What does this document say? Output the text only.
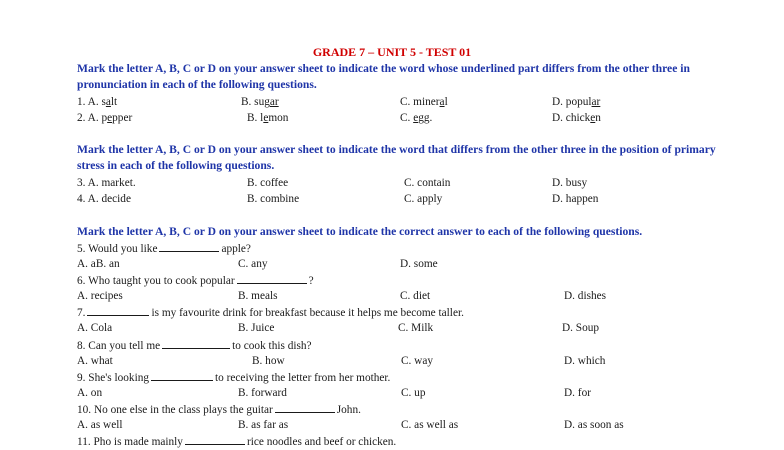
GRADE 7 – UNIT 5 - TEST 01
Mark the letter A, B, C or D on your answer sheet to indicate the word whose underlined part differs from the other three in pronunciation in each of the following questions.
1. A. salt	B. sugar	C. mineral	D. popular
2. A. pepper	B. lemon	C. egg.	D. chicken
Mark the letter A, B, C or D on your answer sheet to indicate the word that differs from the other three in the position of primary stress in each of the following questions.
3. A. market.	B. coffee	C. contain	D. busy
4. A. decide	B. combine	C. apply	D. happen
Mark the letter A, B, C or D on your answer sheet to indicate the correct answer to each of the following questions.
5. Would you like	apple?
A. aB. an	C. any	D. some
6. Who taught you to cook popular	?
A. recipes	B. meals	C. diet	D. dishes
7.	is my favourite drink for breakfast because it helps me become taller.
A. Cola	B. Juice	C. Milk	D. Soup
8. Can you tell me	to cook this dish?
A. what	B. how	C. way	D. which
9. She's looking	to receiving the letter from her mother.
A. on	B. forward	C. up	D. for
10. No one else in the class plays the guitar	John.
A. as well	B. as far as	C. as well as	D. as soon as
11. Pho is made mainly	rice noodles and beef or chicken.
